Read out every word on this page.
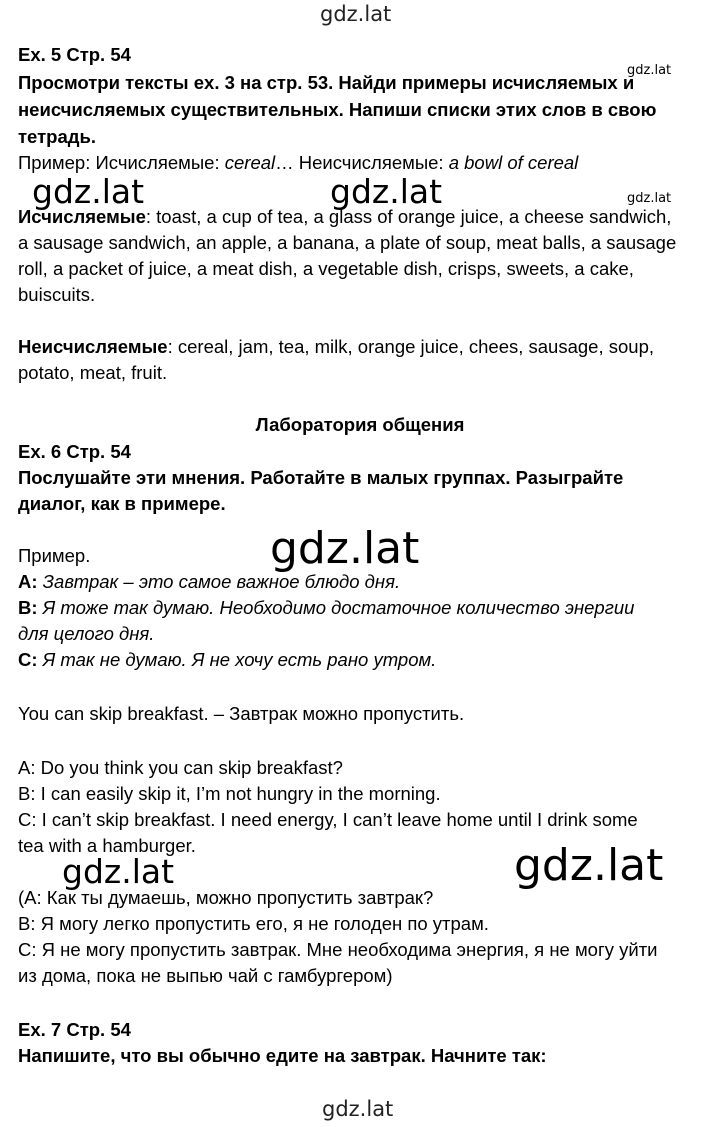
Ex. 5 Стр. 54
Просмотри тексты ex. 3 на стр. 53. Найди примеры исчисляемых и
неисчисляемых существительных. Напиши списки этих слов в свою
тетрадь.
Пример: Исчисляемые: cereal… Неисчисляемые: a bowl of cereal
Исчисляемые: toast, a cup of tea, a glass of orange juice, a cheese sandwich,
a sausage sandwich, an apple, a banana, a plate of soup, meat balls, a sausage
roll, a packet of juice, a meat dish, a vegetable dish, crisps, sweets, a cake,
buiscuits.
Неисчисляемые: cereal, jam, tea, milk, orange juice, chees, sausage, soup,
potato, meat, fruit.
Лаборатория общения
Ex. 6 Стр. 54
Послушайте эти мнения. Работайте в малых группах. Разыграйте
диалог, как в примере.
Пример.
A: Завтрак – это самое важное блюдо дня.
B: Я тоже так думаю. Необходимо достаточное количество энергии
для целого дня.
C: Я так не думаю. Я не хочу есть рано утром.
You can skip breakfast. – Завтрак можно пропустить.
A: Do you think you can skip breakfast?
B: I can easily skip it, I’m not hungry in the morning.
C: I can’t skip breakfast. I need energy, I can’t leave home until I drink some
tea with a hamburger.
(А: Как ты думаешь, можно пропустить завтрак?
В: Я могу легко пропустить его, я не голоден по утрам.
С: Я не могу пропустить завтрак. Мне необходима энергия, я не могу уйти
из дома, пока не выпью чай с гамбургером)
Ex. 7 Стр. 54
Напишите, что вы обычно едите на завтрак. Начните так:
gdz.lat
gdz.lat
gdz.lat	gdz.lat	gdz.lat
gdz.lat
gdz.lat	gdz.lat
gdz.lat
